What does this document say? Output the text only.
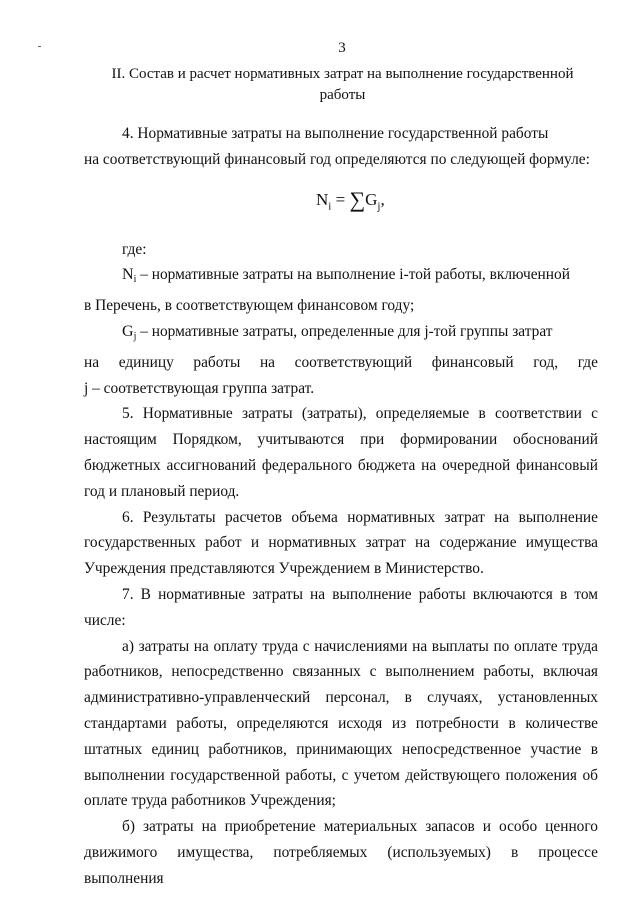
3
II. Состав и расчет нормативных затрат на выполнение государственной работы

4. Нормативные затраты на выполнение государственной работы

на соответствующий финансовый год определяются по следующей формуле:

$N_i = \sum G_j$,

где:

$N_i$ – нормативные затраты на выполнение i-той работы, включенной

в Перечень, в соответствующем финансовом году;

$G_j$ – нормативные затраты, определенные для j-той группы затрат

на единицу работы на соответствующий финансовый год, где

j – соответствующая группа затрат.

5. Нормативные затраты (затраты), определяемые в соответствии с настоящим Порядком, учитываются при формировании обоснований бюджетных ассигнований федерального бюджета на очередной финансовый год и плановый период.

6. Результаты расчетов объема нормативных затрат на выполнение государственных работ и нормативных затрат на содержание имущества Учреждения представляются Учреждением в Министерство.

7. В нормативные затраты на выполнение работы включаются в том числе:

а) затраты на оплату труда с начислениями на выплаты по оплате труда работников, непосредственно связанных с выполнением работы, включая административно-управленческий персонал, в случаях, установленных стандартами работы, определяются исходя из потребности в количестве штатных единиц работников, принимающих непосредственное участие в выполнении государственной работы, с учетом действующего положения об оплате труда работников Учреждения;

б) затраты на приобретение материальных запасов и особо ценного движимого имущества, потребляемых (используемых) в процессе выполнения
